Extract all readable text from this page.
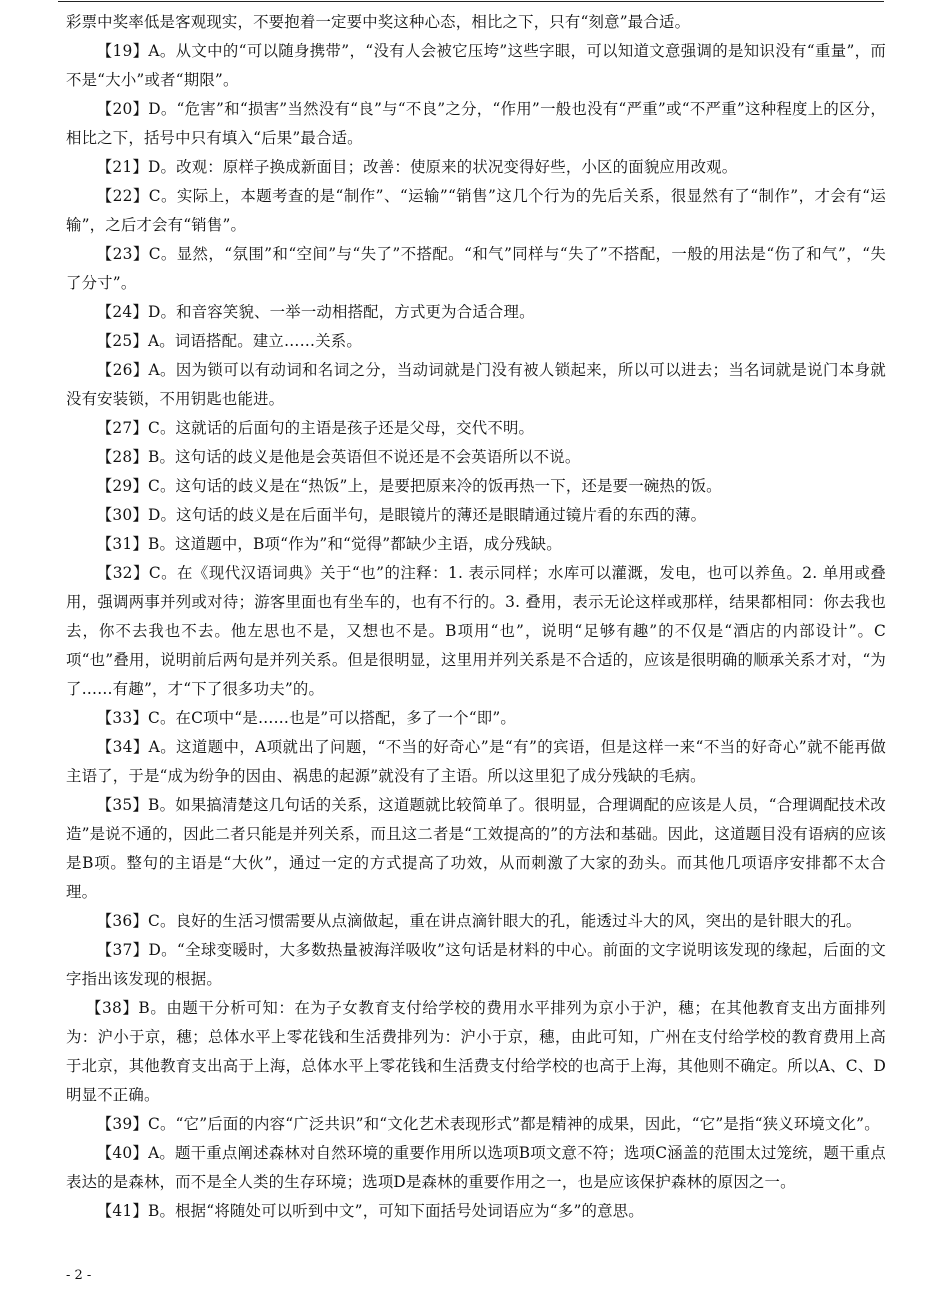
彩票中奖率低是客观现实，不要抱着一定要中奖这种心态，相比之下，只有“刻意”最合适。

【19】A。从文中的“可以随身携带”，“没有人会被它压垮”这些字眼，可以知道文意强调的是知识没有“重量”，而不是“大小”或者“期限”。

【20】D。“危害”和“损害”当然没有“良”与“不良”之分，“作用”一般也没有“严重”或“不严重”这种程度上的区分，相比之下，括号中只有填入“后果”最合适。

【21】D。改观：原样子换成新面目；改善：使原来的状况变得好些，小区的面貌应用改观。

【22】C。实际上，本题考查的是“制作”、“运输”“销售”这几个行为的先后关系，很显然有了“制作”，才会有“运输”，之后才会有“销售”。

【23】C。显然，“氛围”和“空间”与“失了”不搭配。“和气”同样与“失了”不搭配，一般的用法是“伤了和气”，“失了分寸”。

【24】D。和音容笑貌、一举一动相搭配，方式更为合适合理。

【25】A。词语搭配。建立……关系。

【26】A。因为锁可以有动词和名词之分，当动词就是门没有被人锁起来，所以可以进去；当名词就是说门本身就没有安装锁，不用钥匙也能进。

【27】C。这就话的后面句的主语是孩子还是父母，交代不明。

【28】B。这句话的歧义是他是会英语但不说还是不会英语所以不说。

【29】C。这句话的歧义是在“热饭”上，是要把原来冷的饭再热一下，还是要一碗热的饭。

【30】D。这句话的歧义是在后面半句，是眼镜片的薄还是眼睛通过镜片看的东西的薄。

【31】B。这道题中，B项“作为”和“觉得”都缺少主语，成分残缺。

【32】C。在《现代汉语词典》关于“也”的注释：1. 表示同样；水库可以灌溉，发电，也可以养鱼。2. 单用或叠用，强调两事并列或对待；游客里面也有坐车的，也有不行的。3. 叠用，表示无论这样或那样，结果都相同：你去我也去，你不去我也不去。他左思也不是，又想也不是。B项用“也”，说明“足够有趣”的不仅是“酒店的内部设计”。C项“也”叠用，说明前后两句是并列关系。但是很明显，这里用并列关系是不合适的，应该是很明确的顺承关系才对，“为了……有趣”，才“下了很多功夫”的。

【33】C。在C项中“是……也是”可以搭配，多了一个“即”。

【34】A。这道题中，A项就出了问题，“不当的好奇心”是“有”的宾语，但是这样一来“不当的好奇心”就不能再做主语了，于是“成为纷争的因由、祸患的起源”就没有了主语。所以这里犯了成分残缺的毛病。

【35】B。如果搞清楚这几句话的关系，这道题就比较简单了。很明显，合理调配的应该是人员，“合理调配技术改造”是说不通的，因此二者只能是并列关系，而且这二者是“工效提高的”的方法和基础。因此，这道题目没有语病的应该是B项。整句的主语是“大伙”，通过一定的方式提高了功效，从而刺激了大家的劲头。而其他几项语序安排都不太合理。

【36】C。良好的生活习惯需要从点滴做起，重在讲点滴针眼大的孔，能透过斗大的风，突出的是针眼大的孔。

【37】D。“全球变暖时，大多数热量被海洋吸收”这句话是材料的中心。前面的文字说明该发现的缘起，后面的文字指出该发现的根据。

【38】B。由题干分析可知：在为子女教育支付给学校的费用水平排列为京小于沪，穗；在其他教育支出方面排列为：沪小于京，穗；总体水平上零花钱和生活费排列为：沪小于京，穗，由此可知，广州在支付给学校的教育费用上高于北京，其他教育支出高于上海，总体水平上零花钱和生活费支付给学校的也高于上海，其他则不确定。所以A、C、D明显不正确。

【39】C。“它”后面的内容“广泛共识”和“文化艺术表现形式”都是精神的成果，因此，“它”是指“狭义环境文化”。

【40】A。题干重点阐述森林对自然环境的重要作用所以选项B项文意不符；选项C涵盖的范围太过笼统，题干重点表达的是森林，而不是全人类的生存环境；选项D是森林的重要作用之一，也是应该保护森林的原因之一。

【41】B。根据“将随处可以听到中文”，可知下面括号处词语应为“多”的意思。

- 2 -
